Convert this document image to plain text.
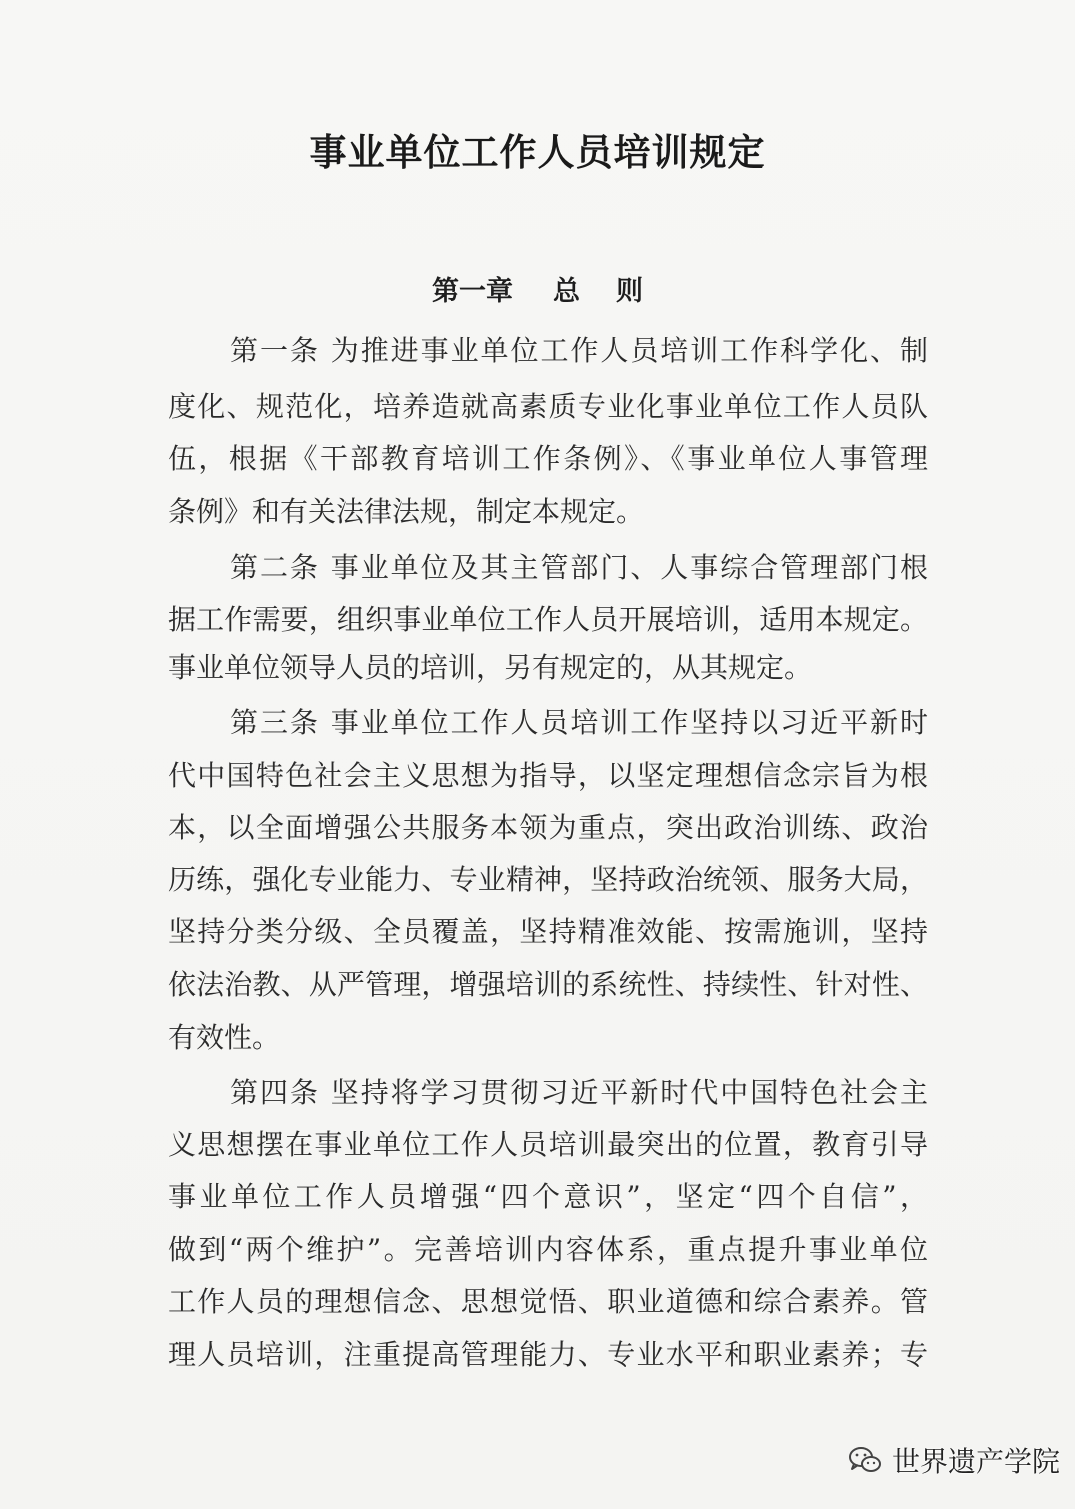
事业单位工作人员培训规定
第一章 总 则
第一条 为推进事业单位工作人员培训工作科学化、制
度化、规范化，培养造就高素质专业化事业单位工作人员队
伍，根据《干部教育培训工作条例》、《事业单位人事管理
条例》和有关法律法规，制定本规定。
第二条 事业单位及其主管部门、人事综合管理部门根
据工作需要，组织事业单位工作人员开展培训，适用本规定。
事业单位领导人员的培训，另有规定的，从其规定。
第三条 事业单位工作人员培训工作坚持以习近平新时
代中国特色社会主义思想为指导，以坚定理想信念宗旨为根
本，以全面增强公共服务本领为重点，突出政治训练、政治
历练，强化专业能力、专业精神，坚持政治统领、服务大局，
坚持分类分级、全员覆盖，坚持精准效能、按需施训，坚持
依法治教、从严管理，增强培训的系统性、持续性、针对性、
有效性。
第四条 坚持将学习贯彻习近平新时代中国特色社会主
义思想摆在事业单位工作人员培训最突出的位置，教育引导
事业单位工作人员增强“四个意识”，坚定“四个自信”，
做到“两个维护”。完善培训内容体系，重点提升事业单位
工作人员的理想信念、思想觉悟、职业道德和综合素养。管
理人员培训，注重提高管理能力、专业水平和职业素养；专
世界遗产学院
